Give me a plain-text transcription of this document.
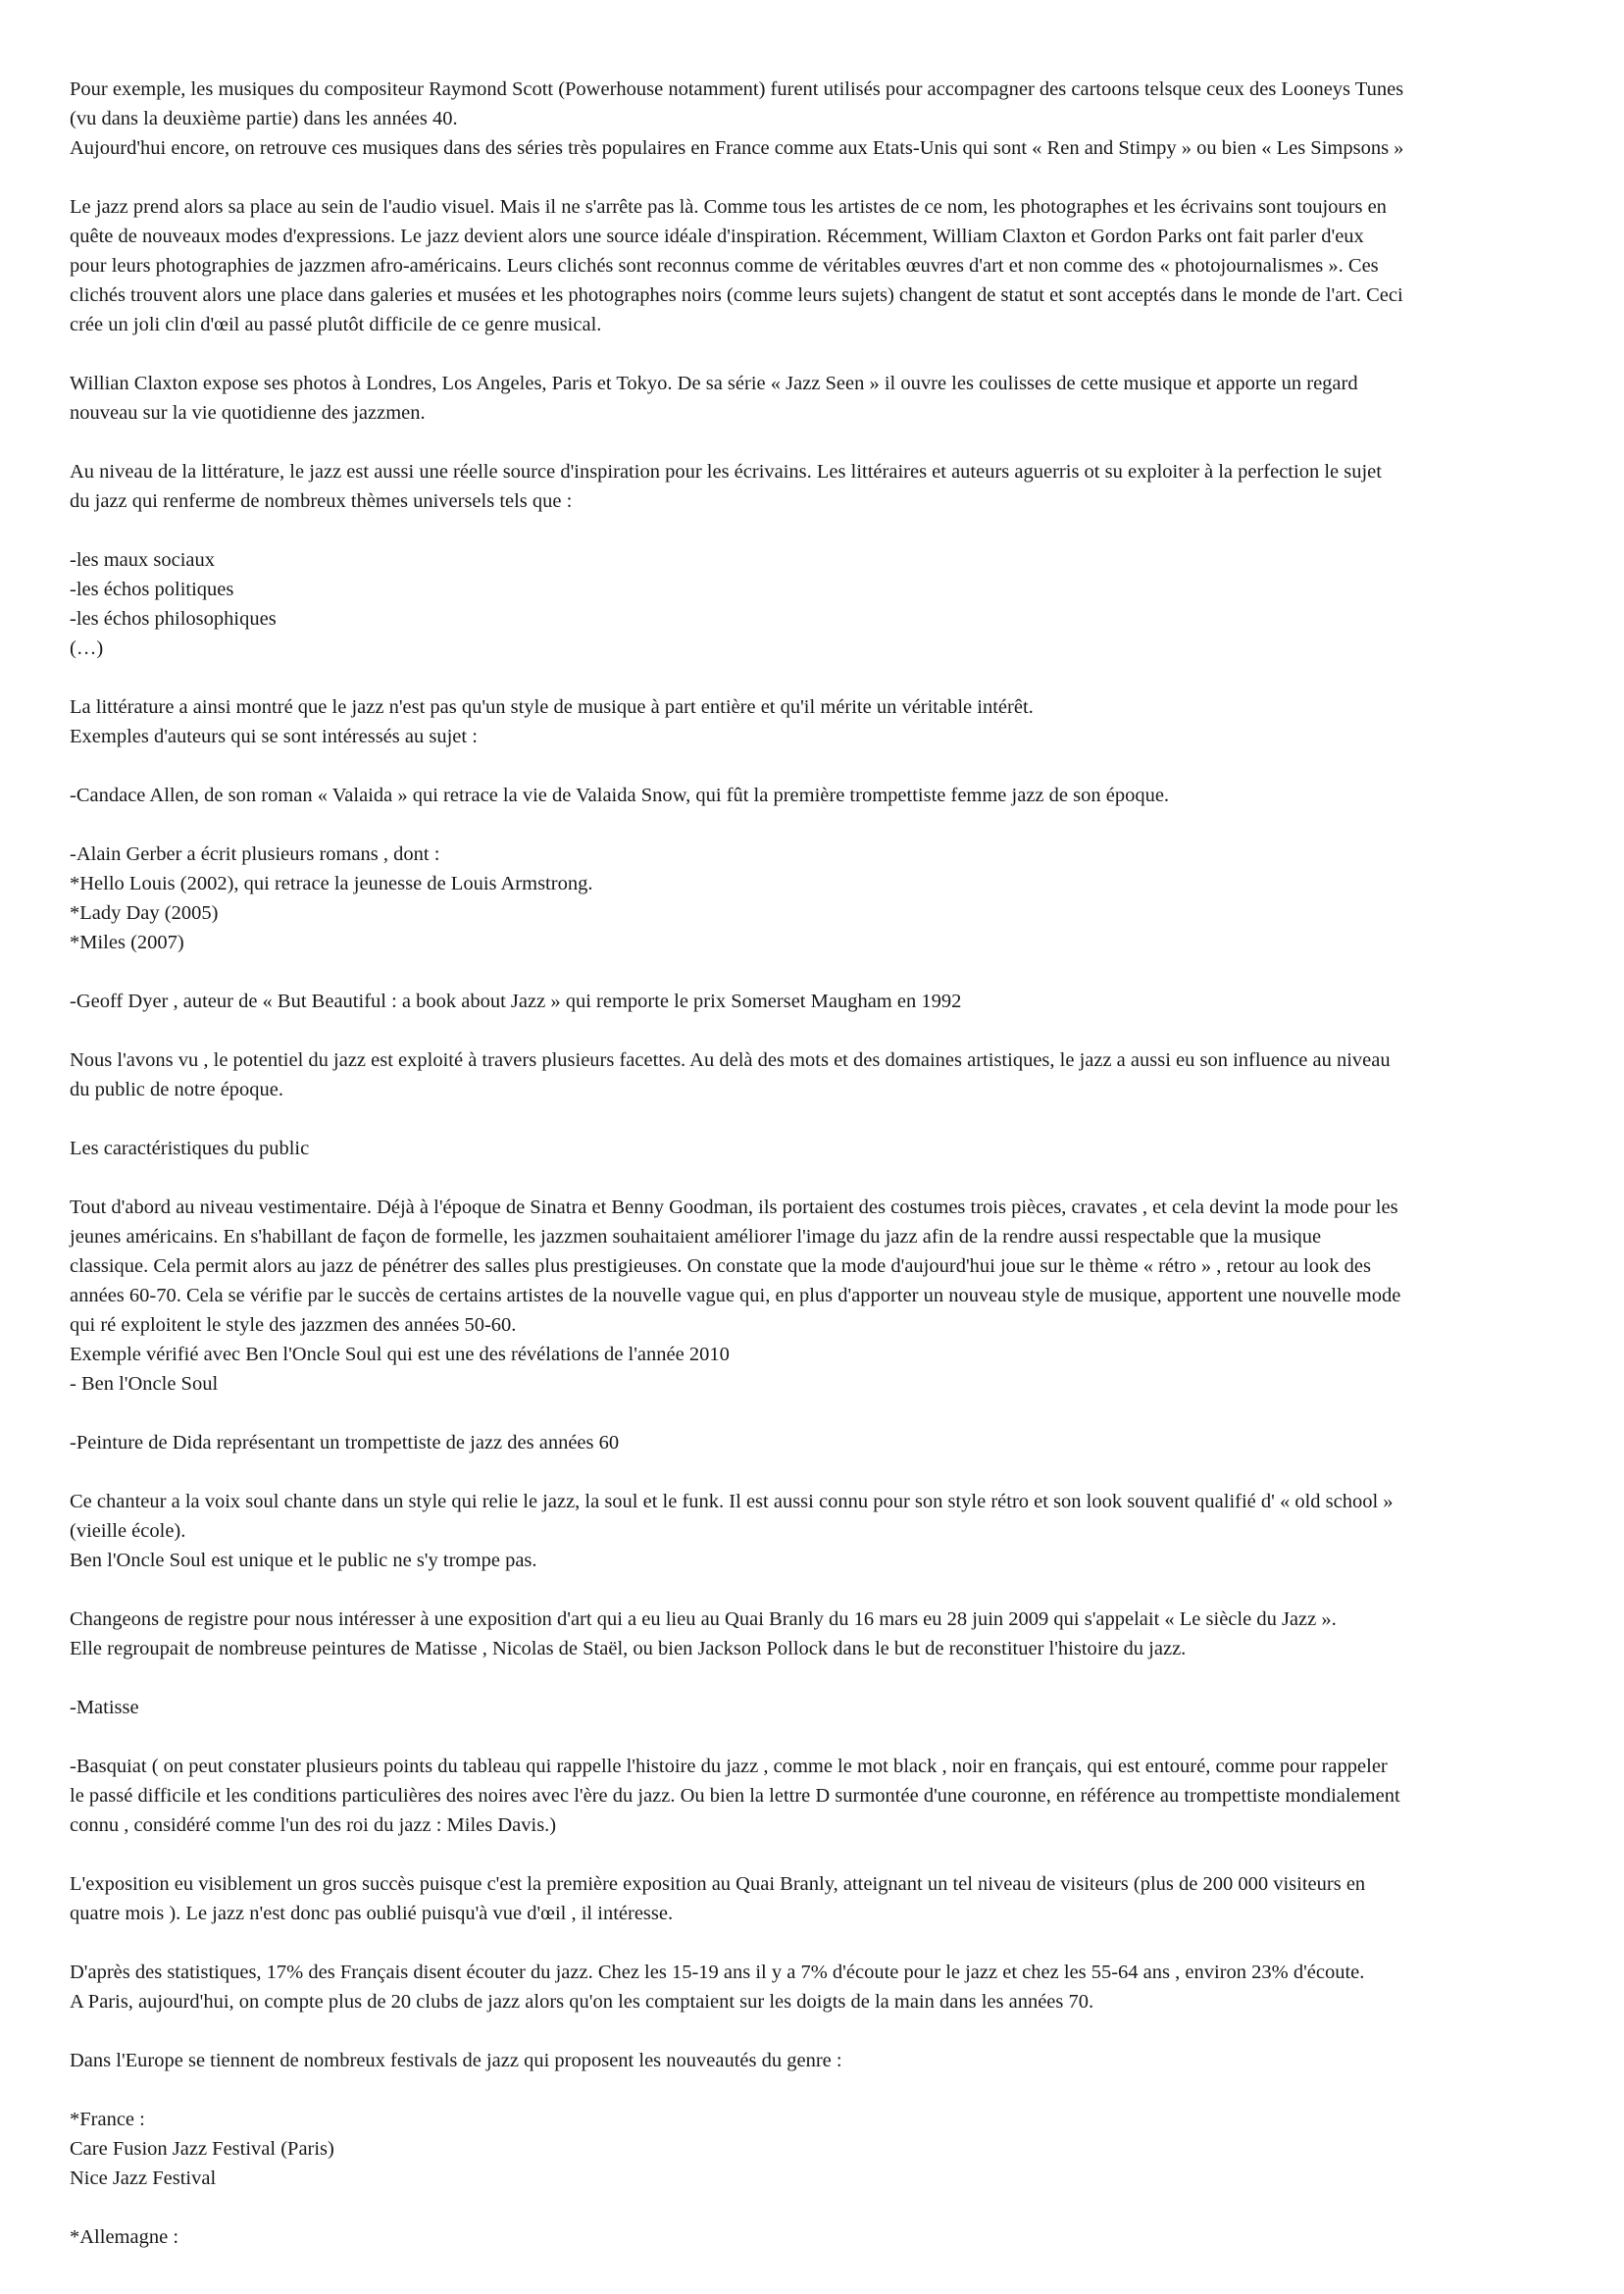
Pour exemple, les musiques du compositeur Raymond Scott (Powerhouse notamment) furent utilisés pour accompagner des cartoons telsque ceux des Looneys Tunes
(vu dans la deuxième partie) dans les années 40.
Aujourd'hui encore, on retrouve ces musiques dans des séries très populaires en France comme aux Etats-Unis qui sont « Ren and Stimpy » ou bien « Les Simpsons »

Le jazz prend alors sa place au sein de l'audio visuel. Mais il ne s'arrête pas là. Comme tous les artistes de ce nom, les photographes et les écrivains sont toujours en
quête de nouveaux modes d'expressions. Le jazz devient alors une source idéale d'inspiration. Récemment, William Claxton et Gordon Parks ont fait parler d'eux
pour leurs photographies de jazzmen afro-américains. Leurs clichés sont reconnus comme de véritables œuvres d'art et non comme des « photojournalismes ». Ces
clichés trouvent alors une place dans galeries et musées et les photographes noirs (comme leurs sujets) changent de statut et sont acceptés dans le monde de l'art. Ceci
crée un joli clin d'œil au passé plutôt difficile de ce genre musical.

Willian Claxton expose ses photos à Londres, Los Angeles, Paris et Tokyo. De sa série « Jazz Seen » il ouvre les coulisses de cette musique et apporte un regard
nouveau sur la vie quotidienne des jazzmen.

Au niveau de la littérature, le jazz est aussi une réelle source d'inspiration pour les écrivains. Les littéraires et auteurs aguerris ot su exploiter à la perfection le sujet
du jazz qui renferme de nombreux thèmes universels tels que :

-les maux sociaux
-les échos politiques
-les échos philosophiques
(…)

La littérature a ainsi montré que le jazz n'est pas qu'un style de musique à part entière et qu'il mérite un véritable intérêt.
Exemples d'auteurs qui se sont intéressés au sujet :

-Candace Allen, de son roman « Valaida » qui retrace la vie de Valaida Snow, qui fût la première trompettiste femme jazz de son époque.

-Alain Gerber a écrit plusieurs romans , dont :
*Hello Louis (2002), qui retrace la jeunesse de Louis Armstrong.
*Lady Day (2005)
*Miles (2007)

-Geoff Dyer , auteur de « But Beautiful : a book about Jazz » qui remporte le prix Somerset Maugham en 1992

Nous l'avons vu , le potentiel du jazz est exploité à travers plusieurs facettes. Au delà des mots et des domaines artistiques, le jazz a aussi eu son influence au niveau
du public de notre époque.

Les caractéristiques du public

Tout d'abord au niveau vestimentaire. Déjà à l'époque de Sinatra et Benny Goodman, ils portaient des costumes trois pièces, cravates , et cela devint la mode pour les
jeunes américains. En s'habillant de façon de formelle, les jazzmen souhaitaient améliorer l'image du jazz afin de la rendre aussi respectable que la musique
classique. Cela permit alors au jazz de pénétrer des salles plus prestigieuses. On constate que la mode d'aujourd'hui joue sur le thème « rétro » , retour au look des
années 60-70. Cela se vérifie par le succès de certains artistes de la nouvelle vague qui, en plus d'apporter un nouveau style de musique, apportent une nouvelle mode
qui ré exploitent le style des jazzmen des années 50-60.
Exemple vérifié avec Ben l'Oncle Soul qui est une des révélations de l'année 2010
- Ben l'Oncle Soul

-Peinture de Dida représentant un trompettiste de jazz des années 60

Ce chanteur a la voix soul chante dans un style qui relie le jazz, la soul et le funk. Il est aussi connu pour son style rétro et son look souvent qualifié d' « old school »
(vieille école).
Ben l'Oncle Soul est unique et le public ne s'y trompe pas.

Changeons de registre pour nous intéresser à une exposition d'art qui a eu lieu au Quai Branly du 16 mars eu 28 juin 2009 qui s'appelait « Le siècle du Jazz ».
Elle regroupait de nombreuse peintures de Matisse , Nicolas de Staël, ou bien Jackson Pollock dans le but de reconstituer l'histoire du jazz.

-Matisse

-Basquiat ( on peut constater plusieurs points du tableau qui rappelle l'histoire du jazz , comme le mot black , noir en français, qui est entouré, comme pour rappeler
le passé difficile et les conditions particulières des noires avec l'ère du jazz. Ou bien la lettre D surmontée d'une couronne, en référence au trompettiste mondialement
connu , considéré comme l'un des roi du jazz : Miles Davis.)

L'exposition eu visiblement un gros succès puisque c'est la première exposition au Quai Branly, atteignant un tel niveau de visiteurs (plus de 200 000 visiteurs en
quatre mois ). Le jazz n'est donc pas oublié puisqu'à vue d'œil , il intéresse.

D'après des statistiques, 17% des Français disent écouter du jazz. Chez les 15-19 ans il y a 7% d'écoute pour le jazz et chez les 55-64 ans , environ 23% d'écoute.
A Paris, aujourd'hui, on compte plus de 20 clubs de jazz alors qu'on les comptaient sur les doigts de la main dans les années 70.

Dans l'Europe se tiennent de nombreux festivals de jazz qui proposent les nouveautés du genre :

*France :
Care Fusion Jazz Festival (Paris)
Nice Jazz Festival

*Allemagne :
